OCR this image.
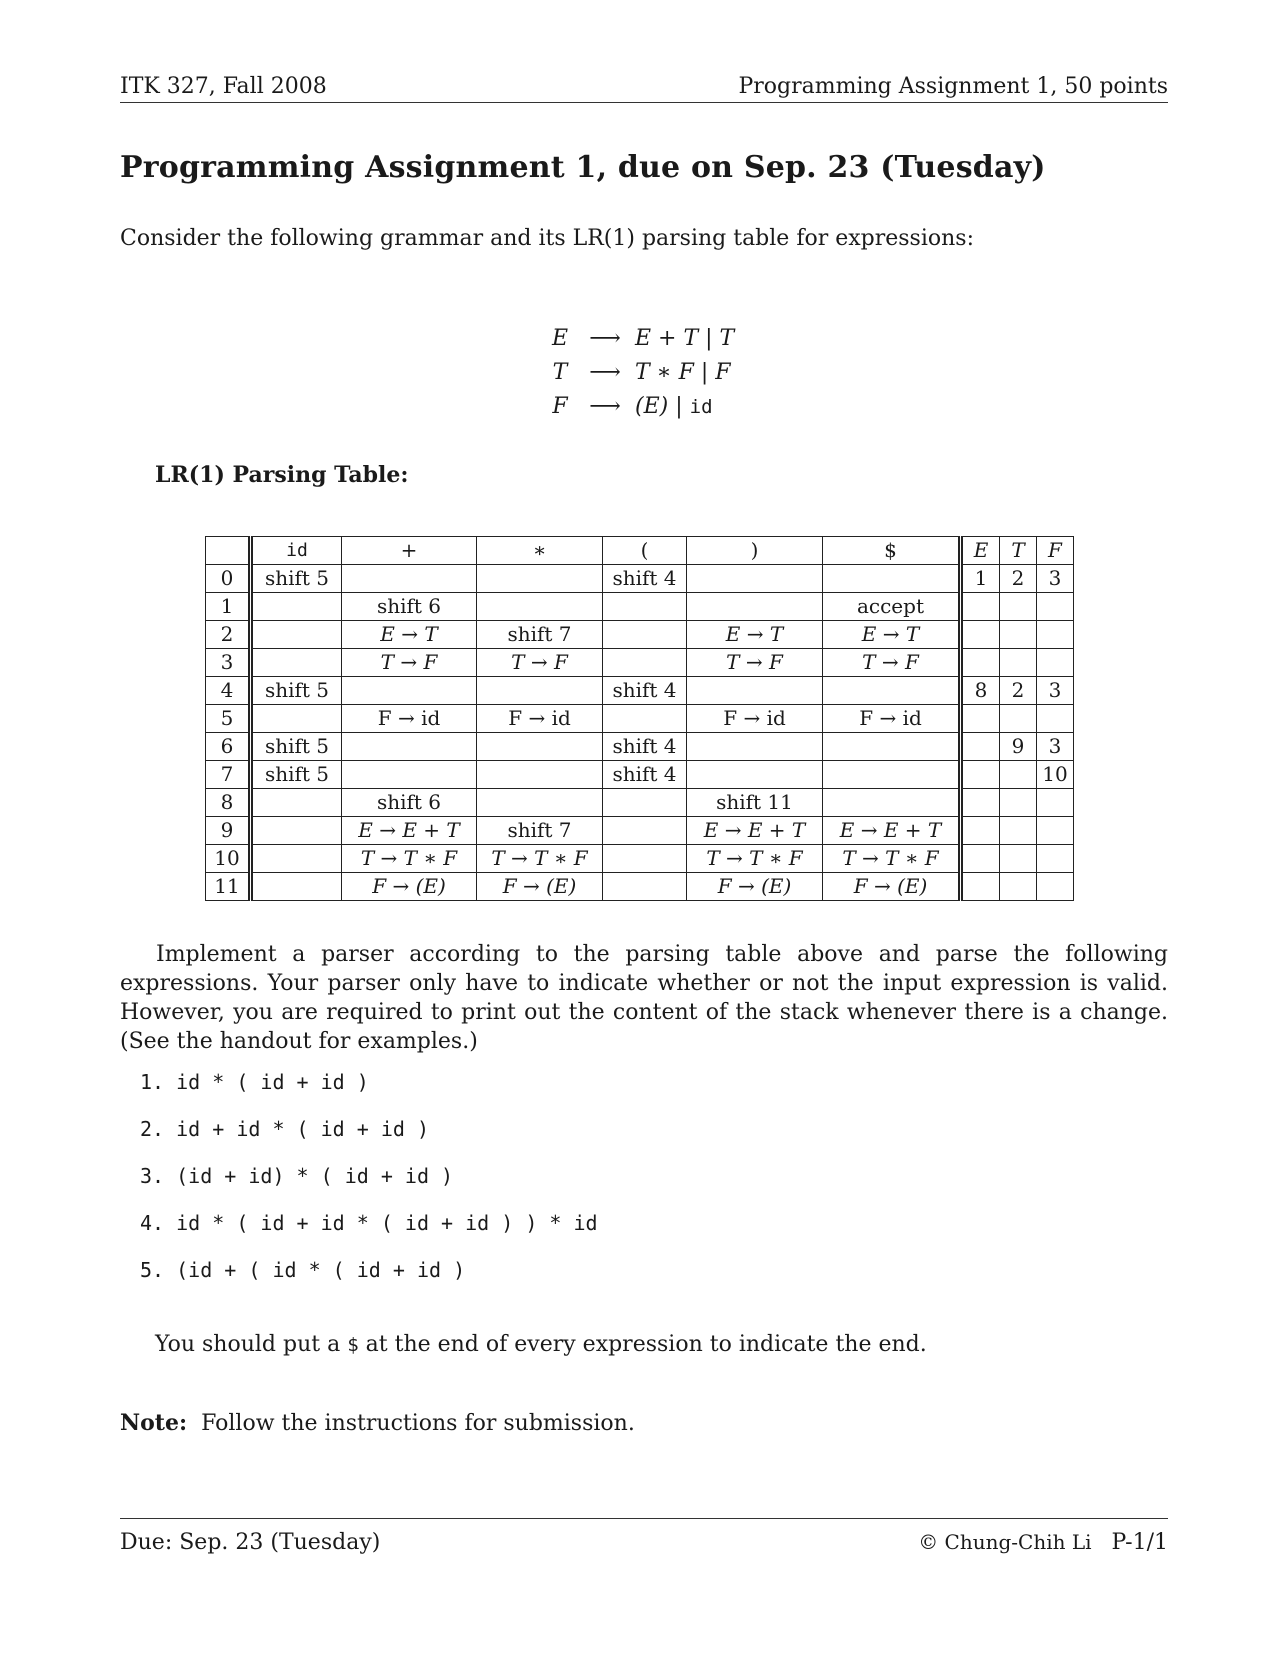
ITK 327, Fall 2008	Programming Assignment 1, 50 points
Programming Assignment 1, due on Sep. 23 (Tuesday)
Consider the following grammar and its LR(1) parsing table for expressions:
E ⟶ E + T | T
T ⟶ T ∗ F | F
F ⟶ (E) | id
LR(1) Parsing Table:
	id	+	∗	(	)	$	E	T	F
0	shift 5			shift 4			1	2	3
1		shift 6				accept			
2		E → T	shift 7		E → T	E → T			
3		T → F	T → F		T → F	T → F			
4	shift 5			shift 4			8	2	3
5		F → id	F → id		F → id	F → id			
6	shift 5			shift 4				9	3
7	shift 5			shift 4					10
8		shift 6			shift 11				
9		E → E + T	shift 7		E → E + T	E → E + T			
10		T → T ∗ F	T → T ∗ F		T → T ∗ F	T → T ∗ F			
11		F → (E)	F → (E)		F → (E)	F → (E)			
Implement a parser according to the parsing table above and parse the following expressions. Your parser only have to indicate whether or not the input expression is valid. However, you are required to print out the content of the stack whenever there is a change. (See the handout for examples.)
1. id * ( id + id )
2. id + id * ( id + id )
3. (id + id) * ( id + id )
4. id * ( id + id * ( id + id ) ) * id
5. (id + ( id * ( id + id )
You should put a $ at the end of every expression to indicate the end.
Note: Follow the instructions for submission.
Due: Sep. 23 (Tuesday)	© Chung-Chih Li P-1/1
